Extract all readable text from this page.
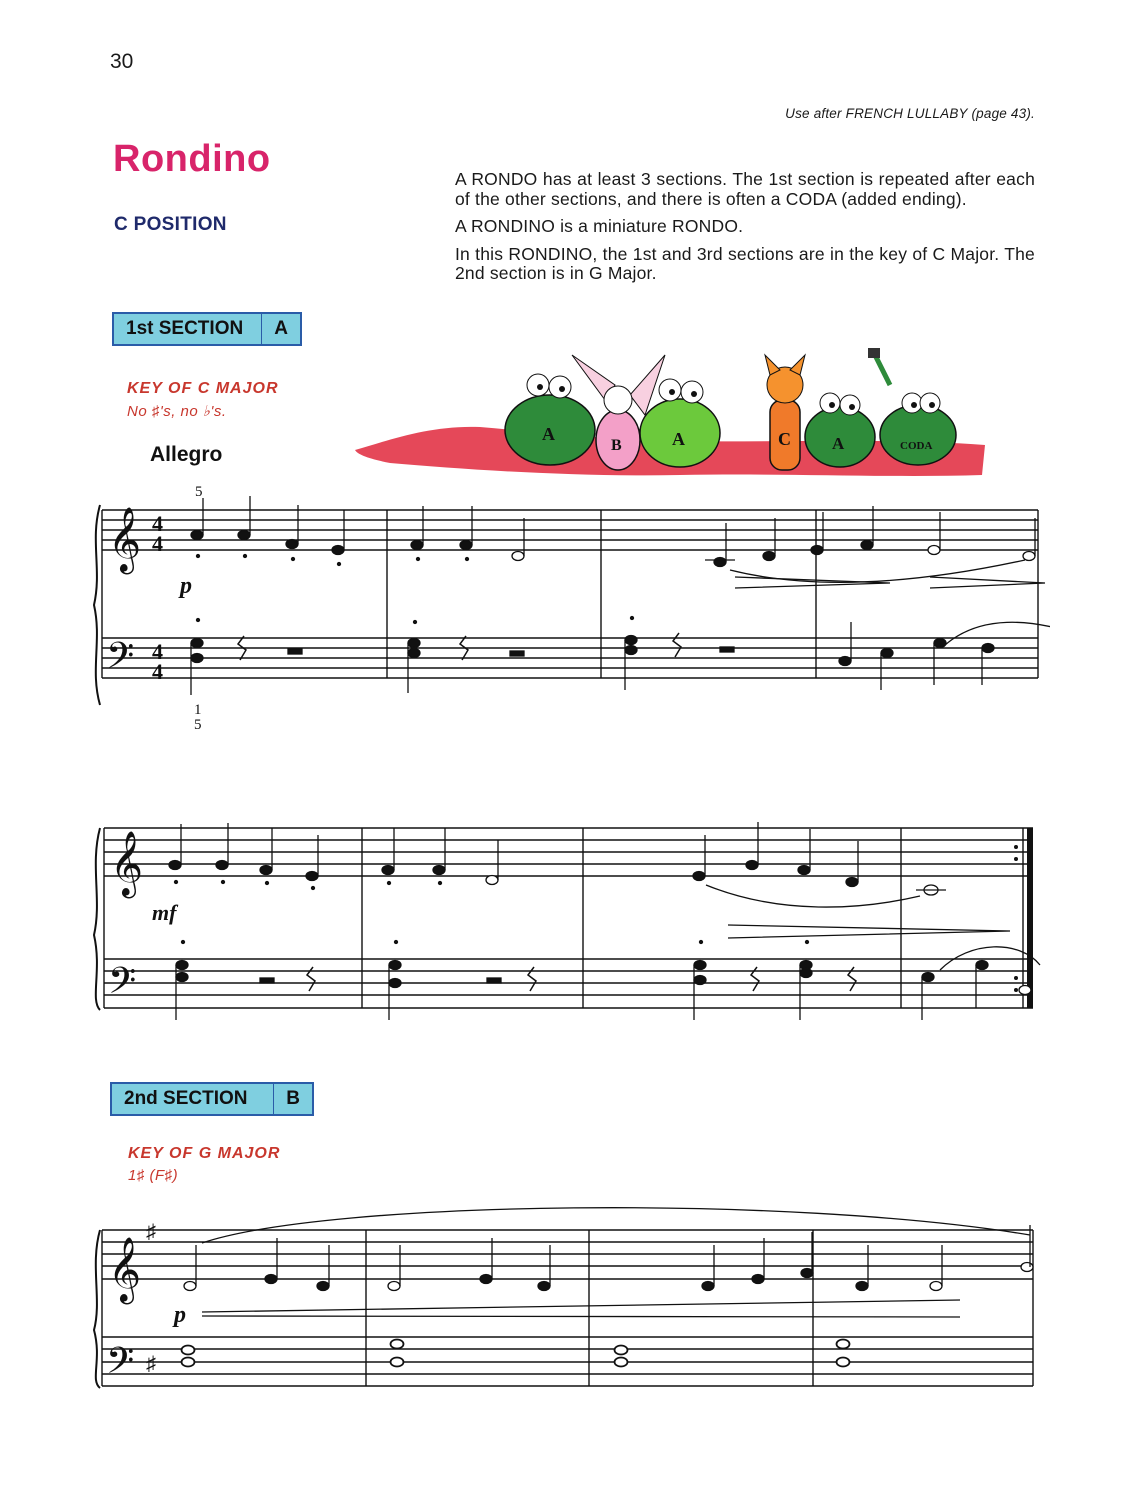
30
Use after FRENCH LULLABY (page 43).
Rondino
C POSITION

A RONDO has at least 3 sections. The 1st section is repeated after each of the other sections, and there is often a CODA (added ending).

A RONDINO is a miniature RONDO.

In this RONDINO, the 1st and 3rd sections are in the key of C Major. The 2nd section is in G Major.

1st SECTION	A
KEY OF C MAJOR
No ♯'s, no ♭'s.
Allegro
A
B	A	C A	CODA
𝄞
𝄢
4
4
4
4
5
p
1
5
𝄞
𝄢
mf
2nd SECTION	B
KEY OF G MAJOR
1♯ (F♯)
𝄞
♯
𝄢 ♯
p
